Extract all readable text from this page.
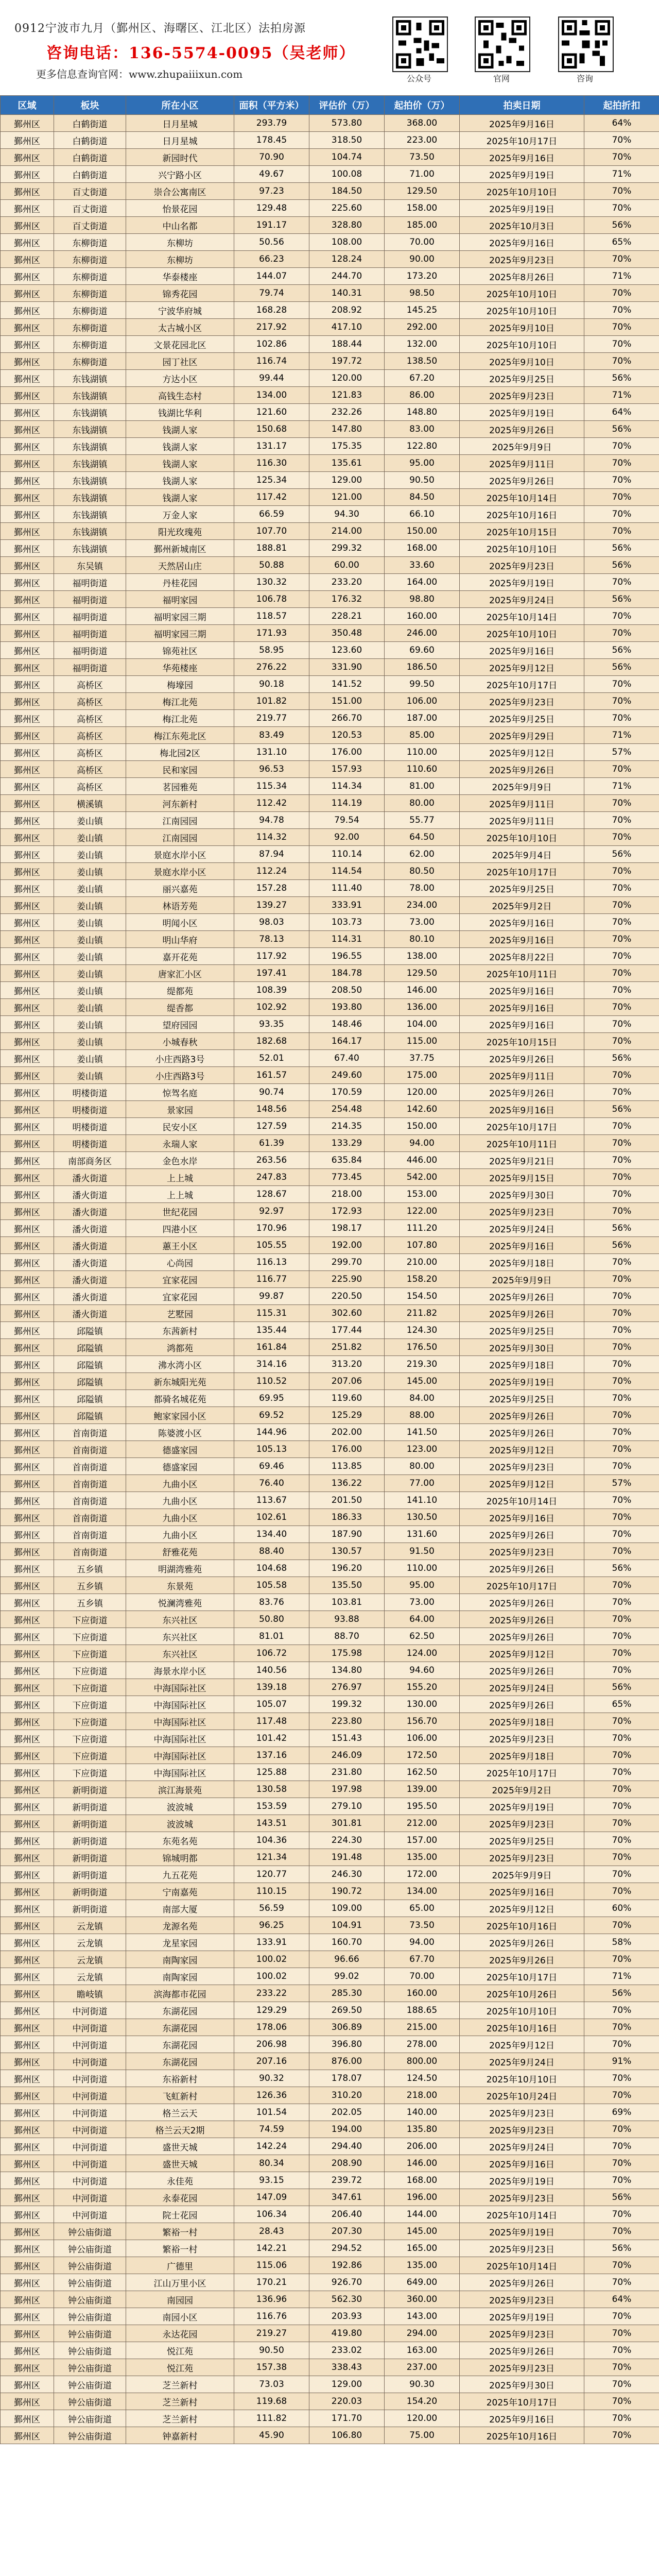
0912宁波市九月（鄞州区、海曙区、江北区）法拍房源
咨询电话：136-5574-0095（吴老师）
更多信息查询官网：www.zhupaiiixun.com	公众号	官网	咨询
区域	板块	所在小区	面积（平方米）	评估价（万）	起拍价（万）	拍卖日期	起拍折扣
鄞州区	白鹤街道	日月星城	293.79	573.80	368.00	2025年9月16日	64%
鄞州区	白鹤街道	日月星城	178.45	318.50	223.00	2025年10月17日	70%
鄞州区	白鹤街道	新园时代	70.90	104.74	73.50	2025年9月16日	70%
鄞州区	白鹤街道	兴宁路小区	49.67	100.08	71.00	2025年9月19日	71%
鄞州区	百丈街道	崇合公寓南区	97.23	184.50	129.50	2025年10月10日	70%
鄞州区	百丈街道	怡景花园	129.48	225.60	158.00	2025年9月19日	70%
鄞州区	百丈街道	中山名都	191.17	328.80	185.00	2025年10月3日	56%
鄞州区	东柳街道	东柳坊	50.56	108.00	70.00	2025年9月16日	65%
鄞州区	东柳街道	东柳坊	66.23	128.24	90.00	2025年9月23日	70%
鄞州区	东柳街道	华泰楼座	144.07	244.70	173.20	2025年8月26日	71%
鄞州区	东柳街道	锦秀花园	79.74	140.31	98.50	2025年10月10日	70%
鄞州区	东柳街道	宁波华府城	168.28	208.92	145.25	2025年10月10日	70%
鄞州区	东柳街道	太古城小区	217.92	417.10	292.00	2025年9月10日	70%
鄞州区	东柳街道	文景花园北区	102.86	188.44	132.00	2025年10月10日	70%
鄞州区	东柳街道	园丁社区	116.74	197.72	138.50	2025年9月10日	70%
鄞州区	东钱湖镇	方达小区	99.44	120.00	67.20	2025年9月25日	56%
鄞州区	东钱湖镇	高钱生态村	134.00	121.83	86.00	2025年9月23日	71%
鄞州区	东钱湖镇	钱湖比华利	121.60	232.26	148.80	2025年9月19日	64%
鄞州区	东钱湖镇	钱湖人家	150.68	147.80	83.00	2025年9月26日	56%
鄞州区	东钱湖镇	钱湖人家	131.17	175.35	122.80	2025年9月9日	70%
鄞州区	东钱湖镇	钱湖人家	116.30	135.61	95.00	2025年9月11日	70%
鄞州区	东钱湖镇	钱湖人家	125.34	129.00	90.50	2025年9月26日	70%
鄞州区	东钱湖镇	钱湖人家	117.42	121.00	84.50	2025年10月14日	70%
鄞州区	东钱湖镇	万金人家	66.59	94.30	66.10	2025年10月16日	70%
鄞州区	东钱湖镇	阳光玫瑰苑	107.70	214.00	150.00	2025年10月15日	70%
鄞州区	东钱湖镇	鄞州新城南区	188.81	299.32	168.00	2025年10月10日	56%
鄞州区	东吴镇	天然居山庄	50.88	60.00	33.60	2025年9月23日	56%
鄞州区	福明街道	丹桂花园	130.32	233.20	164.00	2025年9月19日	70%
鄞州区	福明街道	福明家园	106.78	176.32	98.80	2025年9月24日	56%
鄞州区	福明街道	福明家园三期	118.57	228.21	160.00	2025年10月14日	70%
鄞州区	福明街道	福明家园三期	171.93	350.48	246.00	2025年10月10日	70%
鄞州区	福明街道	锦苑社区	58.95	123.60	69.60	2025年9月16日	56%
鄞州区	福明街道	华苑楼座	276.22	331.90	186.50	2025年9月12日	56%
鄞州区	高桥区	梅壕园	90.18	141.52	99.50	2025年10月17日	70%
鄞州区	高桥区	梅江北苑	101.82	151.00	106.00	2025年9月23日	70%
鄞州区	高桥区	梅江北苑	219.77	266.70	187.00	2025年9月25日	70%
鄞州区	高桥区	梅江东苑北区	83.49	120.53	85.00	2025年9月29日	71%
鄞州区	高桥区	梅北园2区	131.10	176.00	110.00	2025年9月12日	57%
鄞州区	高桥区	民和家园	96.53	157.93	110.60	2025年9月26日	70%
鄞州区	高桥区	茗园雅苑	115.34	114.34	81.00	2025年9月9日	71%
鄞州区	横溪镇	河东新村	112.42	114.19	80.00	2025年9月11日	70%
鄞州区	姜山镇	江南园园	94.78	79.54	55.77	2025年9月11日	70%
鄞州区	姜山镇	江南园园	114.32	92.00	64.50	2025年10月10日	70%
鄞州区	姜山镇	景庭水岸小区	87.94	110.14	62.00	2025年9月4日	56%
鄞州区	姜山镇	景庭水岸小区	112.24	114.54	80.50	2025年10月17日	70%
鄞州区	姜山镇	丽兴嘉苑	157.28	111.40	78.00	2025年9月25日	70%
鄞州区	姜山镇	林语芳苑	139.27	333.91	234.00	2025年9月2日	70%
鄞州区	姜山镇	明闻小区	98.03	103.73	73.00	2025年9月16日	70%
鄞州区	姜山镇	明山华府	78.13	114.31	80.10	2025年9月16日	70%
鄞州区	姜山镇	嘉开花苑	117.92	196.55	138.00	2025年8月22日	70%
鄞州区	姜山镇	唐家汇小区	197.41	184.78	129.50	2025年10月11日	70%
鄞州区	姜山镇	缇都苑	108.39	208.50	146.00	2025年9月16日	70%
鄞州区	姜山镇	缇香都	102.92	193.80	136.00	2025年9月16日	70%
鄞州区	姜山镇	望府园园	93.35	148.46	104.00	2025年9月16日	70%
鄞州区	姜山镇	小城春秋	182.68	164.17	115.00	2025年10月15日	70%
鄞州区	姜山镇	小庄西路3号	52.01	67.40	37.75	2025年9月26日	56%
鄞州区	姜山镇	小庄西路3号	161.57	249.60	175.00	2025年9月11日	70%
鄞州区	明楼街道	惊驾名庭	90.74	170.59	120.00	2025年9月26日	70%
鄞州区	明楼街道	景家园	148.56	254.48	142.60	2025年9月16日	56%
鄞州区	明楼街道	民安小区	127.59	214.35	150.00	2025年10月17日	70%
鄞州区	明楼街道	永瑞人家	61.39	133.29	94.00	2025年10月11日	70%
鄞州区	南部商务区	金色水岸	263.56	635.84	446.00	2025年9月21日	70%
鄞州区	潘火街道	上上城	247.83	773.45	542.00	2025年9月15日	70%
鄞州区	潘火街道	上上城	128.67	218.00	153.00	2025年9月30日	70%
鄞州区	潘火街道	世纪花园	92.97	172.93	122.00	2025年9月23日	70%
鄞州区	潘火街道	四港小区	170.96	198.17	111.20	2025年9月24日	56%
鄞州区	潘火街道	蕙王小区	105.55	192.00	107.80	2025年9月16日	56%
鄞州区	潘火街道	心尚园	116.13	299.70	210.00	2025年9月18日	70%
鄞州区	潘火街道	宜家花园	116.77	225.90	158.20	2025年9月9日	70%
鄞州区	潘火街道	宜家花园	99.87	220.50	154.50	2025年9月26日	70%
鄞州区	潘火街道	艺墅园	115.31	302.60	211.82	2025年9月26日	70%
鄞州区	邱隘镇	东茜新村	135.44	177.44	124.30	2025年9月25日	70%
鄞州区	邱隘镇	鸿都苑	161.84	251.82	176.50	2025年9月30日	70%
鄞州区	邱隘镇	沸水湾小区	314.16	313.20	219.30	2025年9月18日	70%
鄞州区	邱隘镇	新东城阳光苑	110.52	207.06	145.00	2025年9月19日	70%
鄞州区	邱隘镇	都骑名城花苑	69.95	119.60	84.00	2025年9月25日	70%
鄞州区	邱隘镇	鲍家家园小区	69.52	125.29	88.00	2025年9月26日	70%
鄞州区	首南街道	陈婆渡小区	144.96	202.00	141.50	2025年9月26日	70%
鄞州区	首南街道	德盛家园	105.13	176.00	123.00	2025年9月12日	70%
鄞州区	首南街道	德盛家园	69.46	113.85	80.00	2025年9月23日	70%
鄞州区	首南街道	九曲小区	76.40	136.22	77.00	2025年9月12日	57%
鄞州区	首南街道	九曲小区	113.67	201.50	141.10	2025年10月14日	70%
鄞州区	首南街道	九曲小区	102.61	186.33	130.50	2025年9月16日	70%
鄞州区	首南街道	九曲小区	134.40	187.90	131.60	2025年9月26日	70%
鄞州区	首南街道	舒雅花苑	88.40	130.57	91.50	2025年9月23日	70%
鄞州区	五乡镇	明湖湾雅苑	104.68	196.20	110.00	2025年9月26日	56%
鄞州区	五乡镇	东景苑	105.58	135.50	95.00	2025年10月17日	70%
鄞州区	五乡镇	悦澜湾雅苑	83.76	103.81	73.00	2025年9月26日	70%
鄞州区	下应街道	东兴社区	50.80	93.88	64.00	2025年9月26日	70%
鄞州区	下应街道	东兴社区	81.01	88.70	62.50	2025年9月26日	70%
鄞州区	下应街道	东兴社区	106.72	175.98	124.00	2025年9月12日	70%
鄞州区	下应街道	海景水岸小区	140.56	134.80	94.60	2025年9月26日	70%
鄞州区	下应街道	中海国际社区	139.18	276.97	155.20	2025年9月24日	56%
鄞州区	下应街道	中海国际社区	105.07	199.32	130.00	2025年9月26日	65%
鄞州区	下应街道	中海国际社区	117.48	223.80	156.70	2025年9月18日	70%
鄞州区	下应街道	中海国际社区	101.42	151.43	106.00	2025年9月23日	70%
鄞州区	下应街道	中海国际社区	137.16	246.09	172.50	2025年9月18日	70%
鄞州区	下应街道	中海国际社区	125.88	231.80	162.50	2025年10月17日	70%
鄞州区	新明街道	滨江海景苑	130.58	197.98	139.00	2025年9月2日	70%
鄞州区	新明街道	波波城	153.59	279.10	195.50	2025年9月19日	70%
鄞州区	新明街道	波波城	143.51	301.81	212.00	2025年9月23日	70%
鄞州区	新明街道	东苑名苑	104.36	224.30	157.00	2025年9月25日	70%
鄞州区	新明街道	锦城明都	121.34	191.48	135.00	2025年9月23日	70%
鄞州区	新明街道	九五花苑	120.77	246.30	172.00	2025年9月9日	70%
鄞州区	新明街道	宁南嘉苑	110.15	190.72	134.00	2025年9月16日	70%
鄞州区	新明街道	南部大厦	56.59	109.00	65.00	2025年9月12日	60%
鄞州区	云龙镇	龙源名苑	96.25	104.91	73.50	2025年10月16日	70%
鄞州区	云龙镇	龙星家园	133.91	160.70	94.00	2025年9月26日	58%
鄞州区	云龙镇	南陶家园	100.02	96.66	67.70	2025年9月26日	70%
鄞州区	云龙镇	南陶家园	100.02	99.02	70.00	2025年10月17日	71%
鄞州区	瞻岐镇	滨海都市花园	233.22	285.30	160.00	2025年10月26日	56%
鄞州区	中河街道	东湖花园	129.29	269.50	188.65	2025年10月10日	70%
鄞州区	中河街道	东湖花园	178.06	306.89	215.00	2025年10月16日	70%
鄞州区	中河街道	东湖花园	206.98	396.80	278.00	2025年9月12日	70%
鄞州区	中河街道	东湖花园	207.16	876.00	800.00	2025年9月24日	91%
鄞州区	中河街道	东裕新村	90.32	178.07	124.50	2025年10月10日	70%
鄞州区	中河街道	飞虹新村	126.36	310.20	218.00	2025年10月24日	70%
鄞州区	中河街道	格兰云天	101.54	202.05	140.00	2025年9月23日	69%
鄞州区	中河街道	格兰云天2期	74.59	194.00	135.80	2025年9月23日	70%
鄞州区	中河街道	盛世天城	142.24	294.40	206.00	2025年9月24日	70%
鄞州区	中河街道	盛世天城	80.34	208.90	146.00	2025年9月16日	70%
鄞州区	中河街道	永佳苑	93.15	239.72	168.00	2025年9月19日	70%
鄞州区	中河街道	永泰花园	147.09	347.61	196.00	2025年9月23日	56%
鄞州区	中河街道	院士花园	106.34	206.40	144.00	2025年10月14日	70%
鄞州区	钟公庙街道	繁裕一村	28.43	207.30	145.00	2025年9月19日	70%
鄞州区	钟公庙街道	繁裕一村	142.21	294.52	165.00	2025年9月23日	56%
鄞州区	钟公庙街道	广德里	115.06	192.86	135.00	2025年10月14日	70%
鄞州区	钟公庙街道	江山万里小区	170.21	926.70	649.00	2025年9月26日	70%
鄞州区	钟公庙街道	南园园	136.96	562.30	360.00	2025年9月23日	64%
鄞州区	钟公庙街道	南园小区	116.76	203.93	143.00	2025年9月19日	70%
鄞州区	钟公庙街道	永达花园	219.27	419.80	294.00	2025年9月23日	70%
鄞州区	钟公庙街道	悦江苑	90.50	233.02	163.00	2025年9月26日	70%
鄞州区	钟公庙街道	悦江苑	157.38	338.43	237.00	2025年9月23日	70%
鄞州区	钟公庙街道	芝兰新村	73.03	129.00	90.30	2025年9月30日	70%
鄞州区	钟公庙街道	芝兰新村	119.68	220.03	154.20	2025年10月17日	70%
鄞州区	钟公庙街道	芝兰新村	111.82	171.70	120.00	2025年9月16日	70%
鄞州区	钟公庙街道	钟嘉新村	45.90	106.80	75.00	2025年10月16日	70%
